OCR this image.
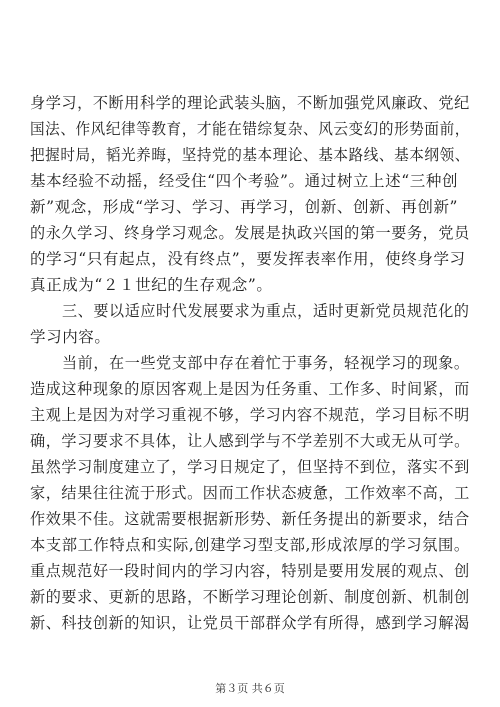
身学习，不断用科学的理论武装头脑，不断加强党风廉政、党纪
国法、作风纪律等教育，才能在错综复杂、风云变幻的形势面前，
把握时局，韬光养晦，坚持党的基本理论、基本路线、基本纲领、
基本经验不动摇，经受住“四个考验”。通过树立上述“三种创
新”观念，形成“学习、学习、再学习，创新、创新、再创新”
的永久学习、终身学习观念。发展是执政兴国的第一要务，党员
的学习“只有起点，没有终点”，要发挥表率作用，使终身学习
真正成为“２１世纪的生存观念”。
三、要以适应时代发展要求为重点，适时更新党员规范化的
学习内容。
当前，在一些党支部中存在着忙于事务，轻视学习的现象。
造成这种现象的原因客观上是因为任务重、工作多、时间紧，而
主观上是因为对学习重视不够，学习内容不规范，学习目标不明
确，学习要求不具体，让人感到学与不学差别不大或无从可学。
虽然学习制度建立了，学习日规定了，但坚持不到位，落实不到
家，结果往往流于形式。因而工作状态疲惫，工作效率不高，工
作效果不佳。这就需要根据新形势、新任务提出的新要求，结合
本支部工作特点和实际,创建学习型支部,形成浓厚的学习氛围。
重点规范好一段时间内的学习内容，特别是要用发展的观点、创
新的要求、更新的思路，不断学习理论创新、制度创新、机制创
新、科技创新的知识，让党员干部群众学有所得，感到学习解渴
第３页 共６页
